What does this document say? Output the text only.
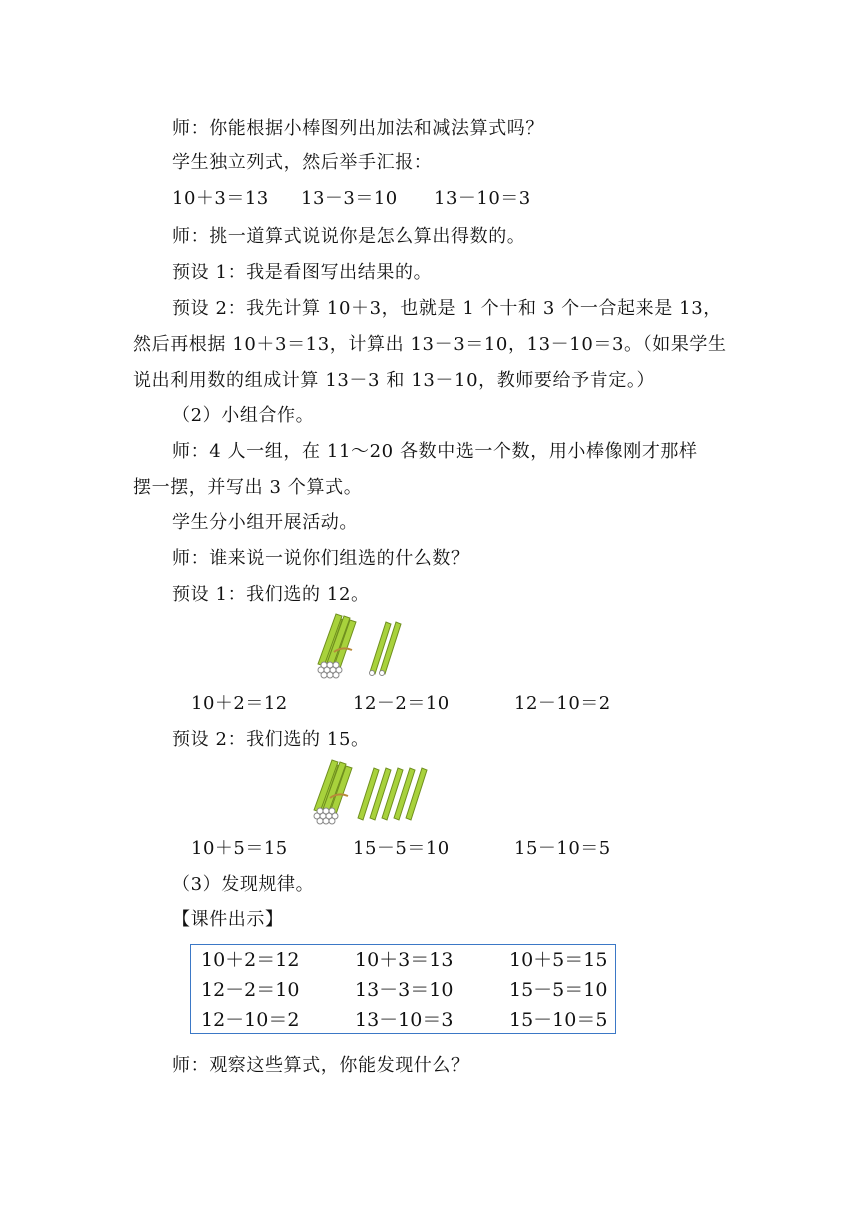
师：你能根据小棒图列出加法和减法算式吗？
学生独立列式，然后举手汇报：
10＋3＝13 13－3＝10 13－10＝3
师：挑一道算式说说你是怎么算出得数的。
预设 1：我是看图写出结果的。
预设 2：我先计算 10＋3，也就是 1 个十和 3 个一合起来是 13，
然后再根据 10＋3＝13，计算出 13－3＝10，13－10＝3。（如果学生
说出利用数的组成计算 13－3 和 13－10，教师要给予肯定。）
（2）小组合作。
师：4 人一组，在 11～20 各数中选一个数，用小棒像刚才那样
摆一摆，并写出 3 个算式。
学生分小组开展活动。
师：谁来说一说你们组选的什么数？
预设 1：我们选的 12。
10＋2＝12	12－2＝10	12－10＝2
预设 2：我们选的 15。
10＋5＝15	15－5＝10	15－10＝5
（3）发现规律。
【课件出示】
10＋2＝12	10＋3＝13	10＋5＝15
12－2＝10	13－3＝10	15－5＝10
12－10＝2	13－10＝3	15－10＝5
师：观察这些算式，你能发现什么？
